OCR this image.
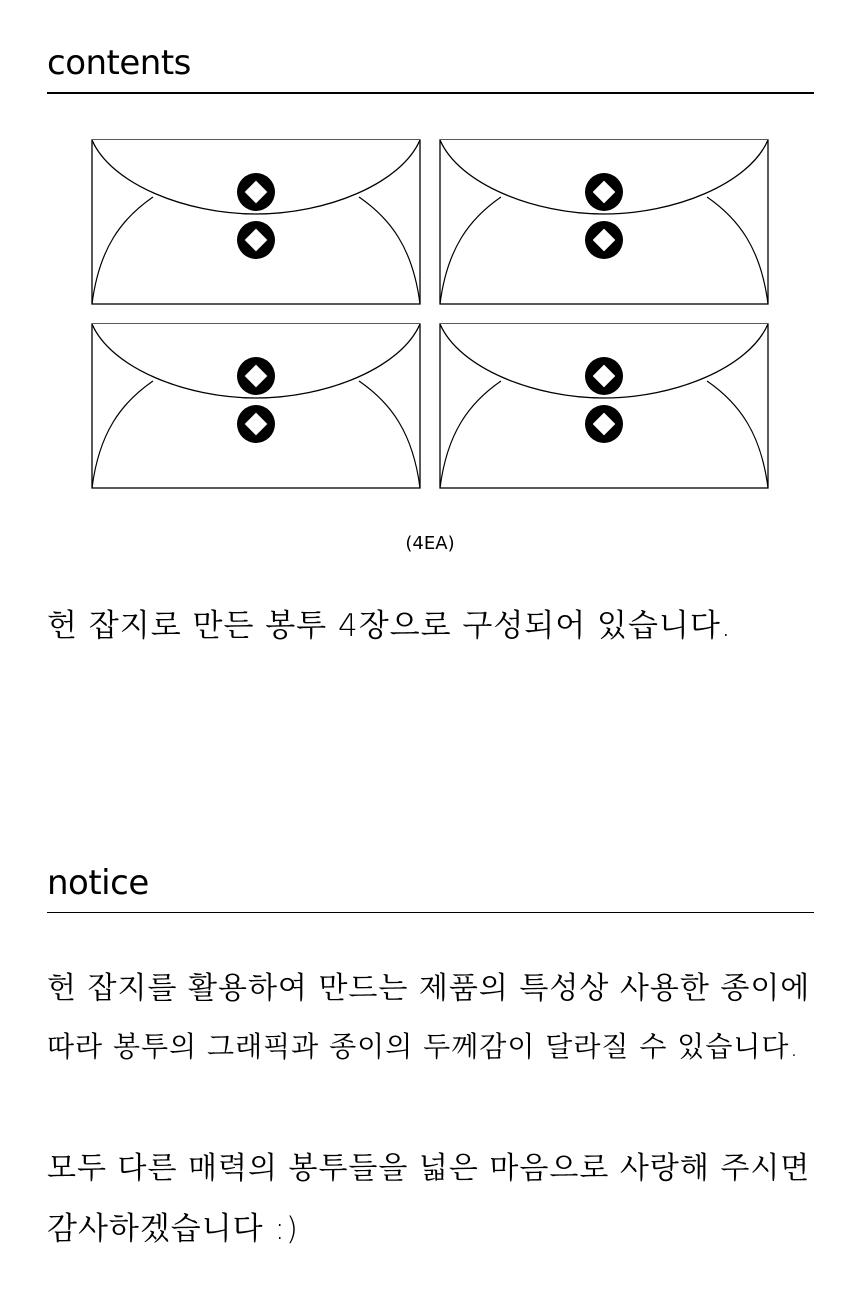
contents
(4EA)

헌 잡지로 만든 봉투 4장으로 구성되어 있습니다.

notice

헌 잡지를 활용하여 만드는 제품의 특성상 사용한 종이에

따라 봉투의 그래픽과 종이의 두께감이 달라질 수 있습니다.

모두 다른 매력의 봉투들을 넓은 마음으로 사랑해 주시면

감사하겠습니다 :)
